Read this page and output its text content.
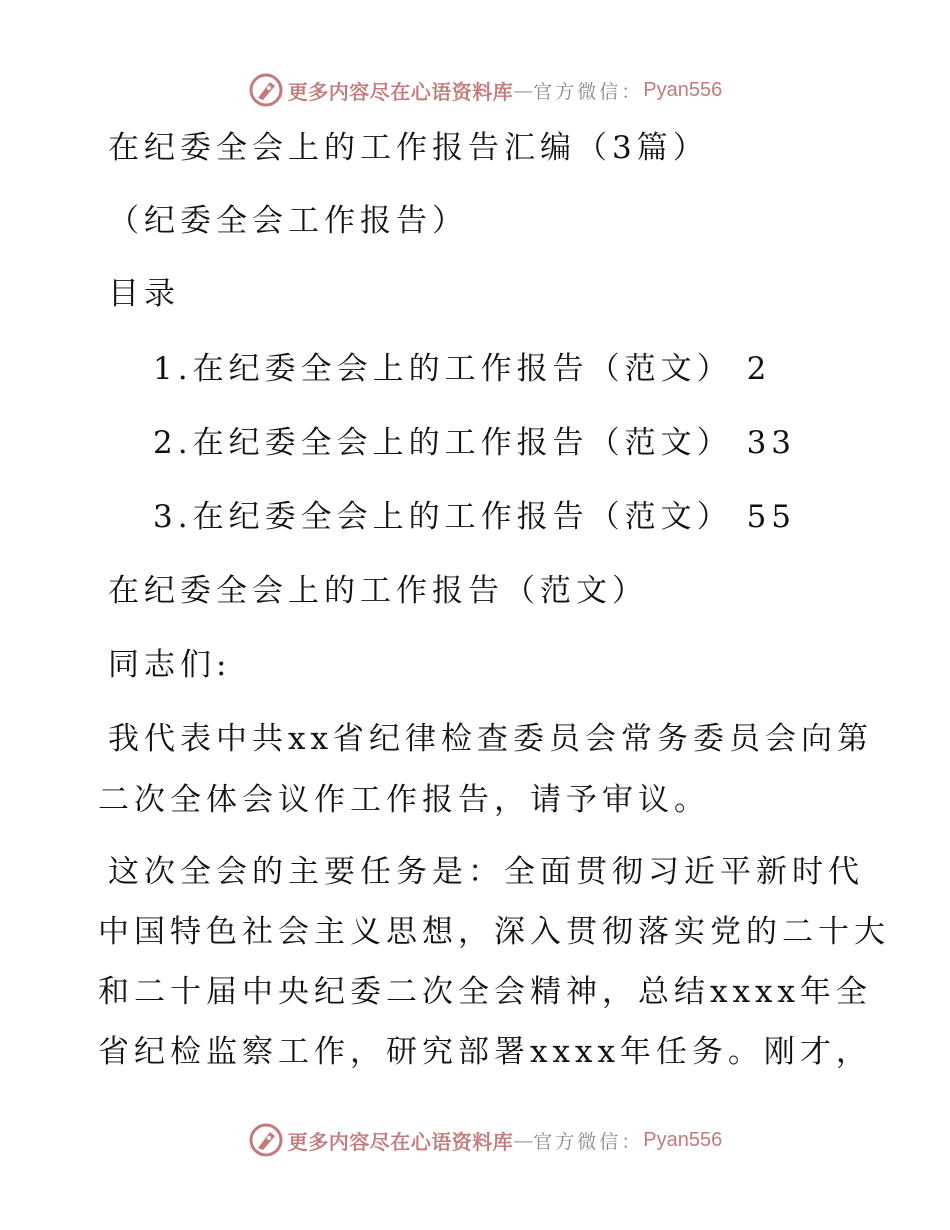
更多内容尽在心语资料库 — 官方微信： Pyan556
在纪委全会上的工作报告汇编（3篇）
（纪委全会工作报告）
目录
1.在纪委全会上的工作报告（范文） 2
2.在纪委全会上的工作报告（范文） 33
3.在纪委全会上的工作报告（范文） 55
在纪委全会上的工作报告（范文）
同志们:
我代表中共xx省纪律检查委员会常务委员会向第
二次全体会议作工作报告，请予审议。
这次全会的主要任务是：全面贯彻习近平新时代
中国特色社会主义思想，深入贯彻落实党的二十大
和二十届中央纪委二次全会精神，总结xxxx年全
省纪检监察工作，研究部署xxxx年任务。刚才，
更多内容尽在心语资料库 — 官方微信： Pyan556
